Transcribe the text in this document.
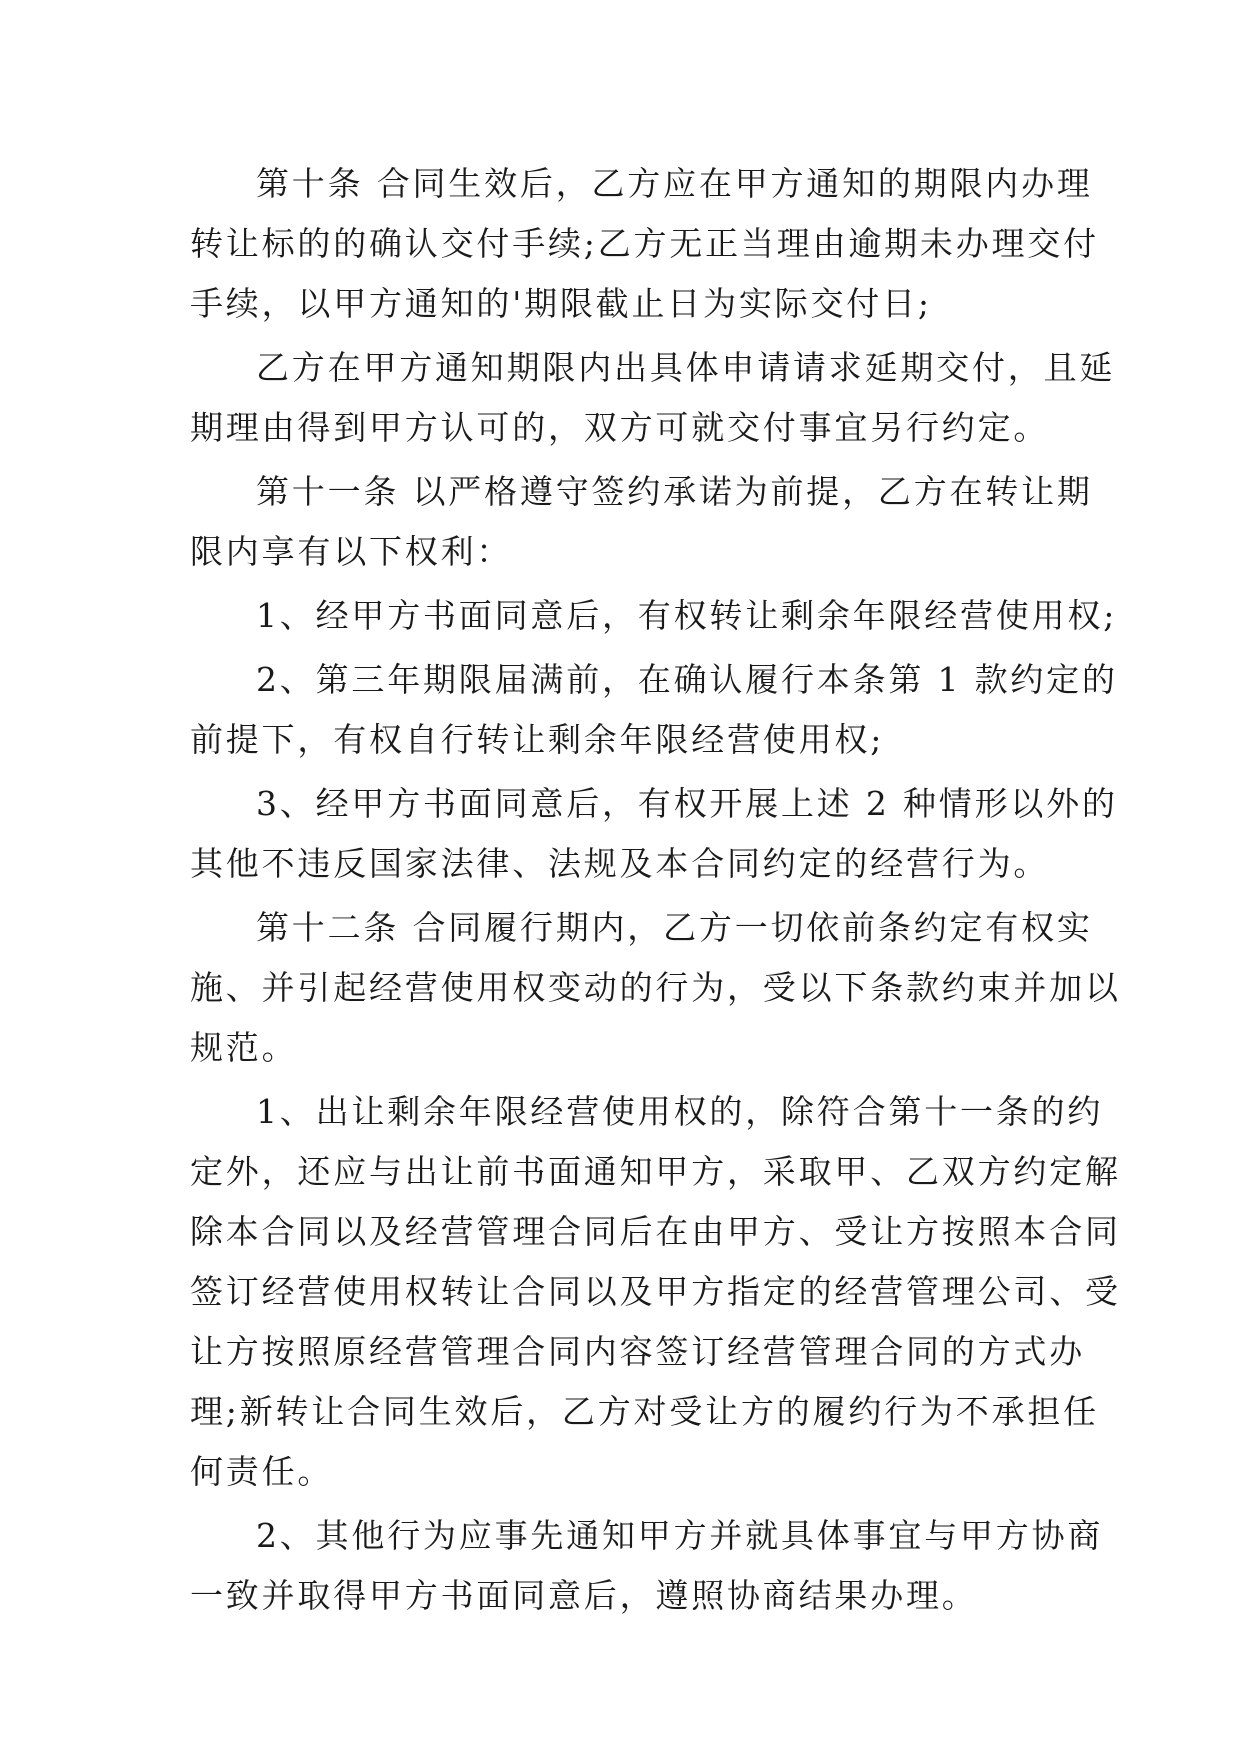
第十条 合同生效后，乙方应在甲方通知的期限内办理
转让标的的确认交付手续;乙方无正当理由逾期未办理交付
手续，以甲方通知的'期限截止日为实际交付日;
乙方在甲方通知期限内出具体申请请求延期交付，且延
期理由得到甲方认可的，双方可就交付事宜另行约定。
第十一条 以严格遵守签约承诺为前提，乙方在转让期
限内享有以下权利：
1、经甲方书面同意后，有权转让剩余年限经营使用权;
2、第三年期限届满前，在确认履行本条第 1 款约定的
前提下，有权自行转让剩余年限经营使用权;
3、经甲方书面同意后，有权开展上述 2 种情形以外的
其他不违反国家法律、法规及本合同约定的经营行为。
第十二条 合同履行期内，乙方一切依前条约定有权实
施、并引起经营使用权变动的行为，受以下条款约束并加以
规范。
1、出让剩余年限经营使用权的，除符合第十一条的约
定外，还应与出让前书面通知甲方，采取甲、乙双方约定解
除本合同以及经营管理合同后在由甲方、受让方按照本合同
签订经营使用权转让合同以及甲方指定的经营管理公司、受
让方按照原经营管理合同内容签订经营管理合同的方式办
理;新转让合同生效后，乙方对受让方的履约行为不承担任
何责任。
2、其他行为应事先通知甲方并就具体事宜与甲方协商
一致并取得甲方书面同意后，遵照协商结果办理。
